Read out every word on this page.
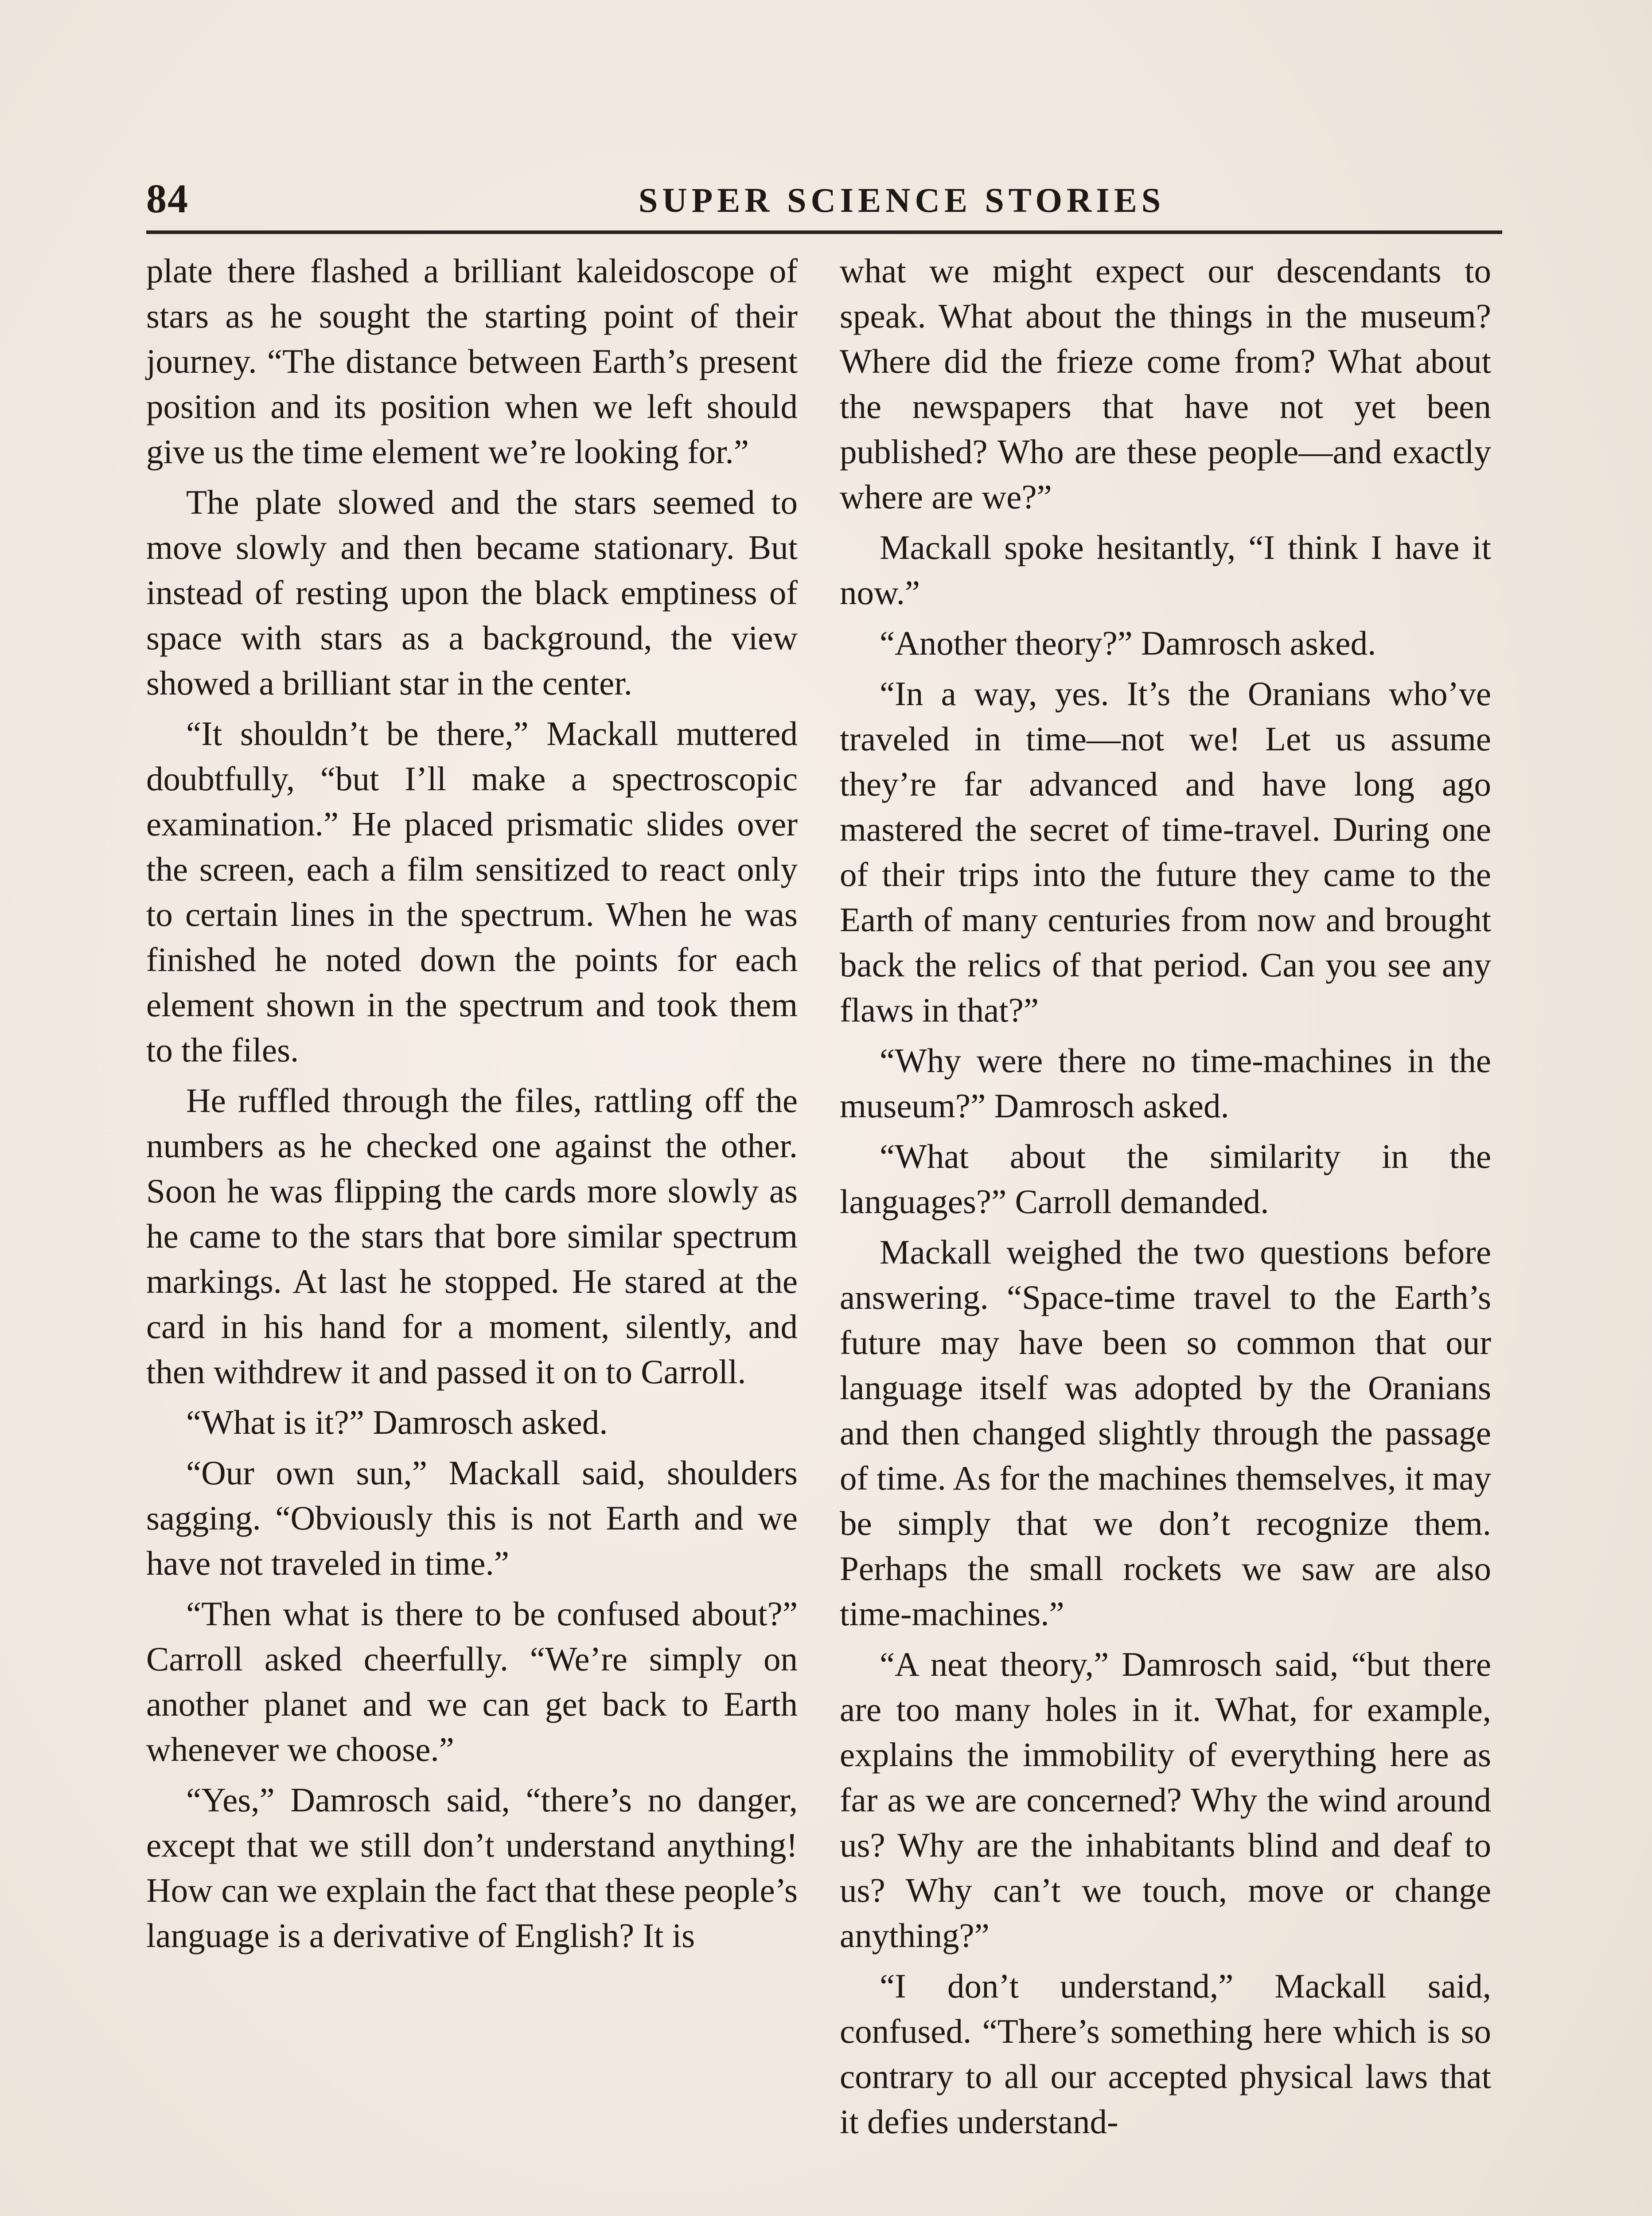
84	SUPER SCIENCE STORIES

plate there flashed a brilliant kaleidoscope of stars as he sought the starting point of their journey. “The distance between Earth’s present position and its position when we left should give us the time element we’re looking for.”

The plate slowed and the stars seemed to move slowly and then became stationary. But instead of resting upon the black emptiness of space with stars as a background, the view showed a brilliant star in the center.

“It shouldn’t be there,” Mackall muttered doubtfully, “but I’ll make a spectroscopic examination.” He placed prismatic slides over the screen, each a film sensitized to react only to certain lines in the spectrum. When he was finished he noted down the points for each element shown in the spectrum and took them to the files.

He ruffled through the files, rattling off the numbers as he checked one against the other. Soon he was flipping the cards more slowly as he came to the stars that bore similar spectrum markings. At last he stopped. He stared at the card in his hand for a moment, silently, and then withdrew it and passed it on to Carroll.

“What is it?” Damrosch asked.

“Our own sun,” Mackall said, shoulders sagging. “Obviously this is not Earth and we have not traveled in time.”

“Then what is there to be confused about?” Carroll asked cheerfully. “We’re simply on another planet and we can get back to Earth whenever we choose.”

“Yes,” Damrosch said, “there’s no danger, except that we still don’t understand anything! How can we explain the fact that these people’s language is a derivative of English? It is

what we might expect our descendants to speak. What about the things in the museum? Where did the frieze come from? What about the newspapers that have not yet been published? Who are these people—and exactly where are we?”

Mackall spoke hesitantly, “I think I have it now.”

“Another theory?” Damrosch asked.

“In a way, yes. It’s the Oranians who’ve traveled in time—not we! Let us assume they’re far advanced and have long ago mastered the secret of time-travel. During one of their trips into the future they came to the Earth of many centuries from now and brought back the relics of that period. Can you see any flaws in that?”

“Why were there no time-machines in the museum?” Damrosch asked.

“What about the similarity in the languages?” Carroll demanded.

Mackall weighed the two questions before answering. “Space-time travel to the Earth’s future may have been so common that our language itself was adopted by the Oranians and then changed slightly through the passage of time. As for the machines themselves, it may be simply that we don’t recognize them. Perhaps the small rockets we saw are also time-machines.”

“A neat theory,” Damrosch said, “but there are too many holes in it. What, for example, explains the immobility of everything here as far as we are concerned? Why the wind around us? Why are the inhabitants blind and deaf to us? Why can’t we touch, move or change anything?”

“I don’t understand,” Mackall said, confused. “There’s something here which is so contrary to all our accepted physical laws that it defies understand-
